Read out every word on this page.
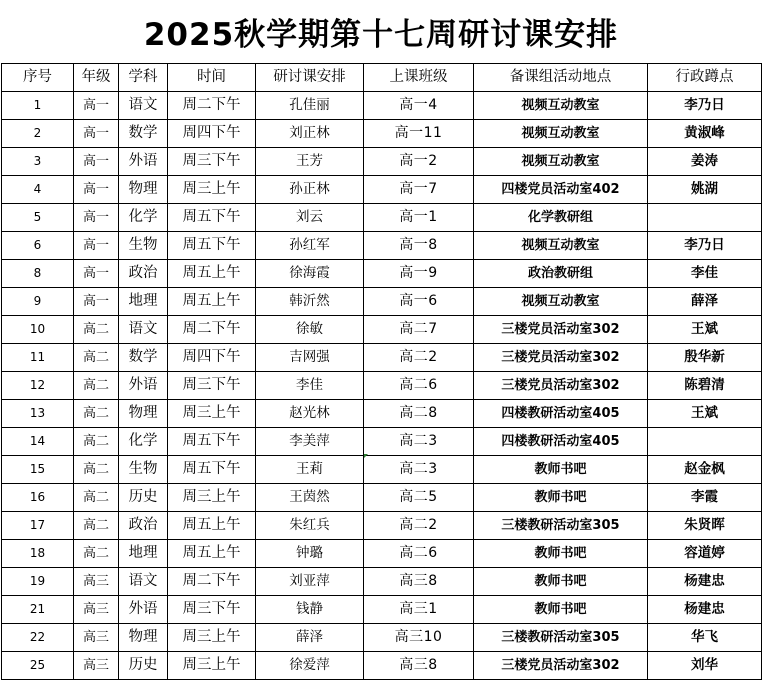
2025秋学期第十七周研讨课安排
序号	年级	学科	时间	研讨课安排	上课班级	备课组活动地点	行政蹲点
1	高一	语文	周二下午	孔佳丽	高一4	视频互动教室	李乃日
2	高一	数学	周四下午	刘正林	高一11	视频互动教室	黄淑峰
3	高一	外语	周三下午	王芳	高一2	视频互动教室	姜涛
4	高一	物理	周三上午	孙正林	高一7	四楼党员活动室402	姚湖
5	高一	化学	周五下午	刘云	高一1	化学教研组	
6	高一	生物	周五下午	孙红军	高一8	视频互动教室	李乃日
8	高一	政治	周五上午	徐海霞	高一9	政治教研组	李佳
9	高一	地理	周五上午	韩沂然	高一6	视频互动教室	薛泽
10	高二	语文	周二下午	徐敏	高二7	三楼党员活动室302	王斌
11	高二	数学	周四下午	吉网强	高二2	三楼党员活动室302	殷华新
12	高二	外语	周三下午	李佳	高二6	三楼党员活动室302	陈碧清
13	高二	物理	周三上午	赵光林	高二8	四楼教研活动室405	王斌
14	高二	化学	周五下午	李美萍	高二3	四楼教研活动室405	
15	高二	生物	周五下午	王莉	高二3	教师书吧	赵金枫
16	高二	历史	周三上午	王茵然	高二5	教师书吧	李霞
17	高二	政治	周五上午	朱红兵	高二2	三楼教研活动室305	朱贤晖
18	高二	地理	周五上午	钟璐	高二6	教师书吧	容道婷
19	高三	语文	周二下午	刘亚萍	高三8	教师书吧	杨建忠
21	高三	外语	周三下午	钱静	高三1	教师书吧	杨建忠
22	高三	物理	周三上午	薛泽	高三10	三楼教研活动室305	华飞
25	高三	历史	周三上午	徐爱萍	高三8	三楼党员活动室302	刘华
